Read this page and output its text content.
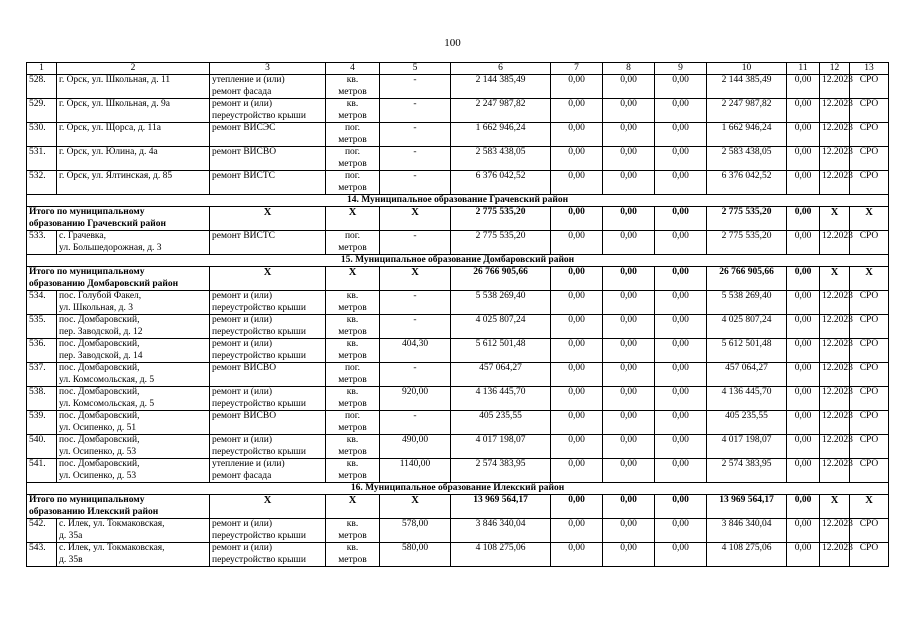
100
1	2	3	4	5	6	7	8	9	10	11	12	13

528.	г. Орск, ул. Школьная, д. 11	утепление и (или)
ремонт фасада	кв.
метров	-	2 144 385,49	0,00	0,00	0,00	2 144 385,49	0,00	12.2023	СРО

529.	г. Орск, ул. Школьная, д. 9а	ремонт и (или)
переустройство крыши	кв.
метров	-	2 247 987,82	0,00	0,00	0,00	2 247 987,82	0,00	12.2023	СРО

530.	г. Орск, ул. Щорса, д. 11а	ремонт ВИСЭС	пог.
метров	-	1 662 946,24	0,00	0,00	0,00	1 662 946,24	0,00	12.2023	СРО

531.	г. Орск, ул. Юлина, д. 4а	ремонт ВИСВО	пог.
метров	-	2 583 438,05	0,00	0,00	0,00	2 583 438,05	0,00	12.2023	СРО

532.	г. Орск, ул. Ялтинская, д. 85	ремонт ВИСТС	пог.
метров	-	6 376 042,52	0,00	0,00	0,00	6 376 042,52	0,00	12.2023	СРО

14. Муниципальное образование Грачевский район												

Итого по муниципальному
образованию Грачевский район		X	X	X	2 775 535,20	0,00	0,00	0,00	2 775 535,20	0,00	X	X

533.	с. Грачевка,
ул. Большедорожная, д. 3	ремонт ВИСТС	пог.
метров	-	2 775 535,20	0,00	0,00	0,00	2 775 535,20	0,00	12.2023	СРО

15. Муниципальное образование Домбаровский район												

Итого по муниципальному
образованию Домбаровский район		X	X	X	26 766 905,66	0,00	0,00	0,00	26 766 905,66	0,00	X	X

534.	пос. Голубой Факел,
ул. Школьная, д. 3	ремонт и (или)
переустройство крыши	кв.
метров	-	5 538 269,40	0,00	0,00	0,00	5 538 269,40	0,00	12.2023	СРО

535.	пос. Домбаровский,
пер. Заводской, д. 12	ремонт и (или)
переустройство крыши	кв.
метров	-	4 025 807,24	0,00	0,00	0,00	4 025 807,24	0,00	12.2023	СРО

536.	пос. Домбаровский,
пер. Заводской, д. 14	ремонт и (или)
переустройство крыши	кв.
метров	404,30	5 612 501,48	0,00	0,00	0,00	5 612 501,48	0,00	12.2023	СРО

537.	пос. Домбаровский,
ул. Комсомольская, д. 5	ремонт ВИСВО	пог.
метров	-	457 064,27	0,00	0,00	0,00	457 064,27	0,00	12.2023	СРО

538.	пос. Домбаровский,
ул. Комсомольская, д. 5	ремонт и (или)
переустройство крыши	кв.
метров	920,00	4 136 445,70	0,00	0,00	0,00	4 136 445,70	0,00	12.2023	СРО

539.	пос. Домбаровский,
ул. Осипенко, д. 51	ремонт ВИСВО	пог.
метров	-	405 235,55	0,00	0,00	0,00	405 235,55	0,00	12.2023	СРО

540.	пос. Домбаровский,
ул. Осипенко, д. 53	ремонт и (или)
переустройство крыши	кв.
метров	490,00	4 017 198,07	0,00	0,00	0,00	4 017 198,07	0,00	12.2023	СРО

541.	пос. Домбаровский,
ул. Осипенко, д. 53	утепление и (или)
ремонт фасада	кв.
метров	1140,00	2 574 383,95	0,00	0,00	0,00	2 574 383,95	0,00	12.2023	СРО

16. Муниципальное образование Илекский район												

Итого по муниципальному
образованию Илекский район		X	X	X	13 969 564,17	0,00	0,00	0,00	13 969 564,17	0,00	X	X

542.	с. Илек, ул. Токмаковская,
д. 35а	ремонт и (или)
переустройство крыши	кв.
метров	578,00	3 846 340,04	0,00	0,00	0,00	3 846 340,04	0,00	12.2023	СРО

543.	с. Илек, ул. Токмаковская,
д. 35в	ремонт и (или)
переустройство крыши	кв.
метров	580,00	4 108 275,06	0,00	0,00	0,00	4 108 275,06	0,00	12.2023	СРО
